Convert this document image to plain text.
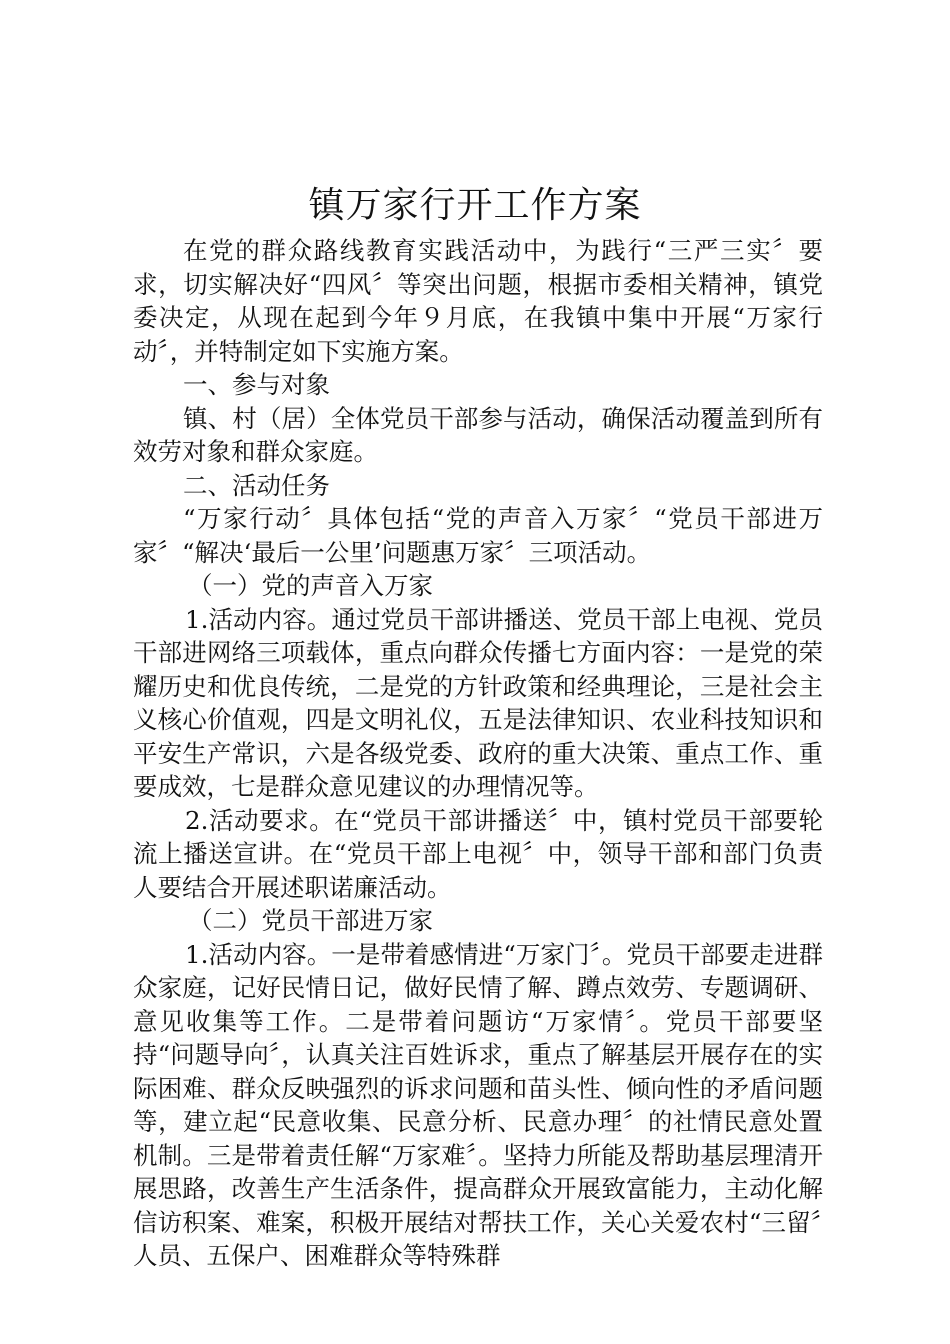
镇万家行开工作方案

在党的群众路线教育实践活动中，为践行“三严三实〞要求，切实解决好“四风〞等突出问题，根据市委相关精神，镇党委决定，从现在起到今年９月底，在我镇中集中开展“万家行动〞，并特制定如下实施方案。

一、参与对象

镇、村（居）全体党员干部参与活动，确保活动覆盖到所有效劳对象和群众家庭。

二、活动任务

“万家行动〞具体包括“党的声音入万家〞“党员干部进万家〞“解决‘最后一公里’问题惠万家〞三项活动。

（一）党的声音入万家

1.活动内容。通过党员干部讲播送、党员干部上电视、党员干部进网络三项载体，重点向群众传播七方面内容：一是党的荣耀历史和优良传统，二是党的方针政策和经典理论，三是社会主义核心价值观，四是文明礼仪，五是法律知识、农业科技知识和平安生产常识，六是各级党委、政府的重大决策、重点工作、重要成效，七是群众意见建议的办理情况等。

2.活动要求。在“党员干部讲播送〞中，镇村党员干部要轮流上播送宣讲。在“党员干部上电视〞中，领导干部和部门负责人要结合开展述职诺廉活动。

（二）党员干部进万家

1.活动内容。一是带着感情进“万家门〞。党员干部要走进群众家庭，记好民情日记，做好民情了解、蹲点效劳、专题调研、意见收集等工作。二是带着问题访“万家情〞。党员干部要坚持“问题导向〞，认真关注百姓诉求，重点了解基层开展存在的实际困难、群众反映强烈的诉求问题和苗头性、倾向性的矛盾问题等，建立起“民意收集、民意分析、民意办理〞的社情民意处置机制。三是带着责任解“万家难〞。坚持力所能及帮助基层理清开展思路，改善生产生活条件，提高群众开展致富能力，主动化解信访积案、难案，积极开展结对帮扶工作，关心关爱农村“三留〞人员、五保户、困难群众等特殊群
